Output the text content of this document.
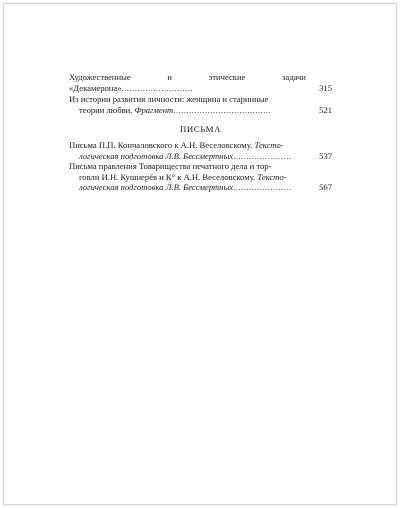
Художественные и этические задачи «Декамерона»...........................	315
Из истории развития личности: женщина и старинные
теории любви. Фрагмент.....................................	521
ПИСЬМА
Письма П.П. Кончаловского к А.Н. Веселовскому. Тексто-
логическая подготовка Л.В. Бессмертных......................	537
Письма правления Товарищества печатного дела и тор-
говли И.Н. Кушнерёв и К° к А.Н. Веселовскому. Тексто-
логическая подготовка Л.В. Бессмертных......................	567
